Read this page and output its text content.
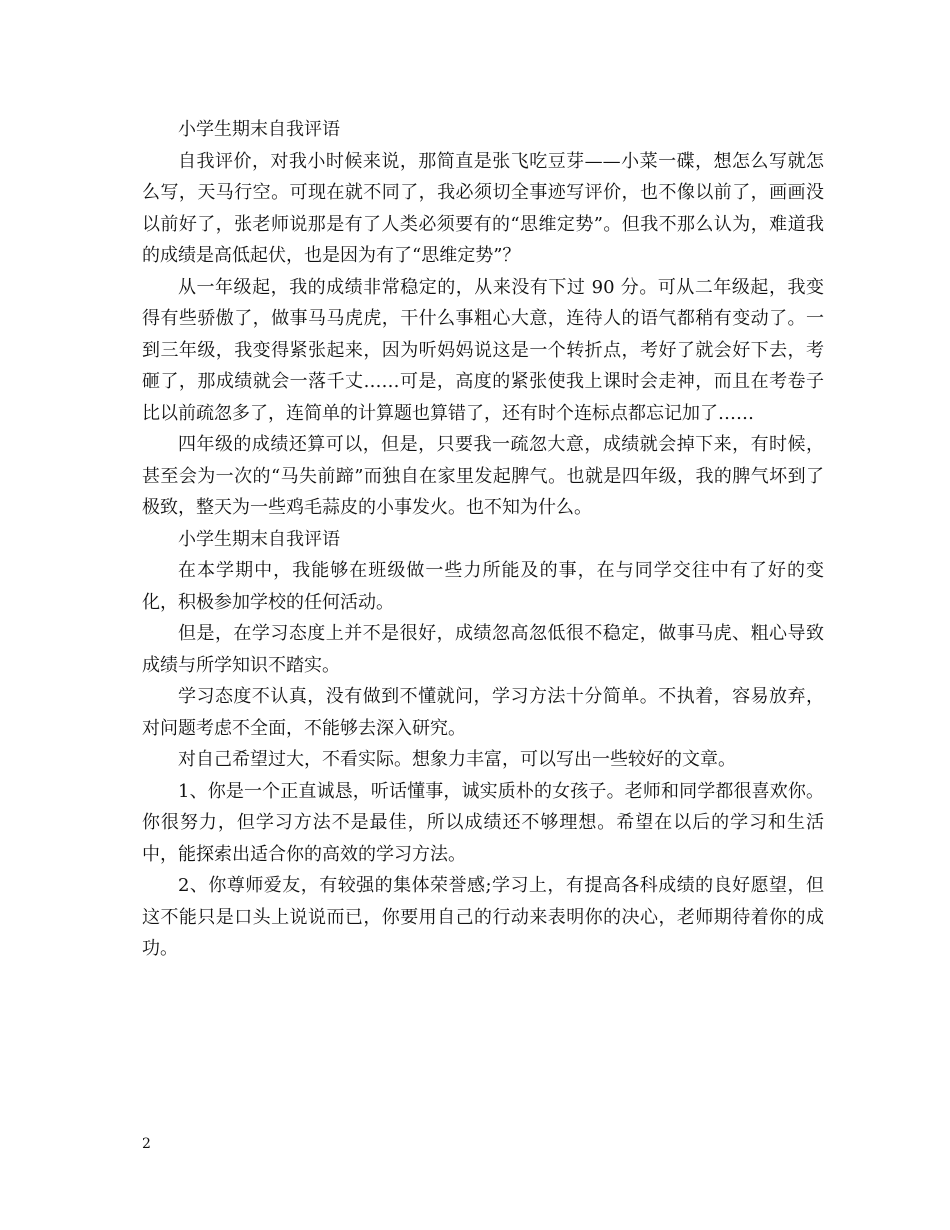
小学生期末自我评语

自我评价，对我小时候来说，那简直是张飞吃豆芽——小菜一碟，想怎么写就怎么写，天马行空。可现在就不同了，我必须切全事迹写评价，也不像以前了，画画没以前好了，张老师说那是有了人类必须要有的“思维定势”。但我不那么认为，难道我的成绩是高低起伏，也是因为有了“思维定势”？

从一年级起，我的成绩非常稳定的，从来没有下过 90 分。可从二年级起，我变得有些骄傲了，做事马马虎虎，干什么事粗心大意，连待人的语气都稍有变动了。一到三年级，我变得紧张起来，因为听妈妈说这是一个转折点，考好了就会好下去，考砸了，那成绩就会一落千丈……可是，高度的紧张使我上课时会走神，而且在考卷子比以前疏忽多了，连简单的计算题也算错了，还有时个连标点都忘记加了……

四年级的成绩还算可以，但是，只要我一疏忽大意，成绩就会掉下来，有时候，甚至会为一次的“马失前蹄”而独自在家里发起脾气。也就是四年级，我的脾气坏到了极致，整天为一些鸡毛蒜皮的小事发火。也不知为什么。

小学生期末自我评语

在本学期中，我能够在班级做一些力所能及的事，在与同学交往中有了好的变化，积极参加学校的任何活动。

但是，在学习态度上并不是很好，成绩忽高忽低很不稳定，做事马虎、粗心导致成绩与所学知识不踏实。

学习态度不认真，没有做到不懂就问，学习方法十分简单。不执着，容易放弃，对问题考虑不全面，不能够去深入研究。

对自己希望过大，不看实际。想象力丰富，可以写出一些较好的文章。

1、你是一个正直诚恳，听话懂事，诚实质朴的女孩子。老师和同学都很喜欢你。你很努力，但学习方法不是最佳，所以成绩还不够理想。希望在以后的学习和生活中，能探索出适合你的高效的学习方法。

2、你尊师爱友，有较强的集体荣誉感;学习上，有提高各科成绩的良好愿望，但这不能只是口头上说说而已，你要用自己的行动来表明你的决心，老师期待着你的成功。

2
